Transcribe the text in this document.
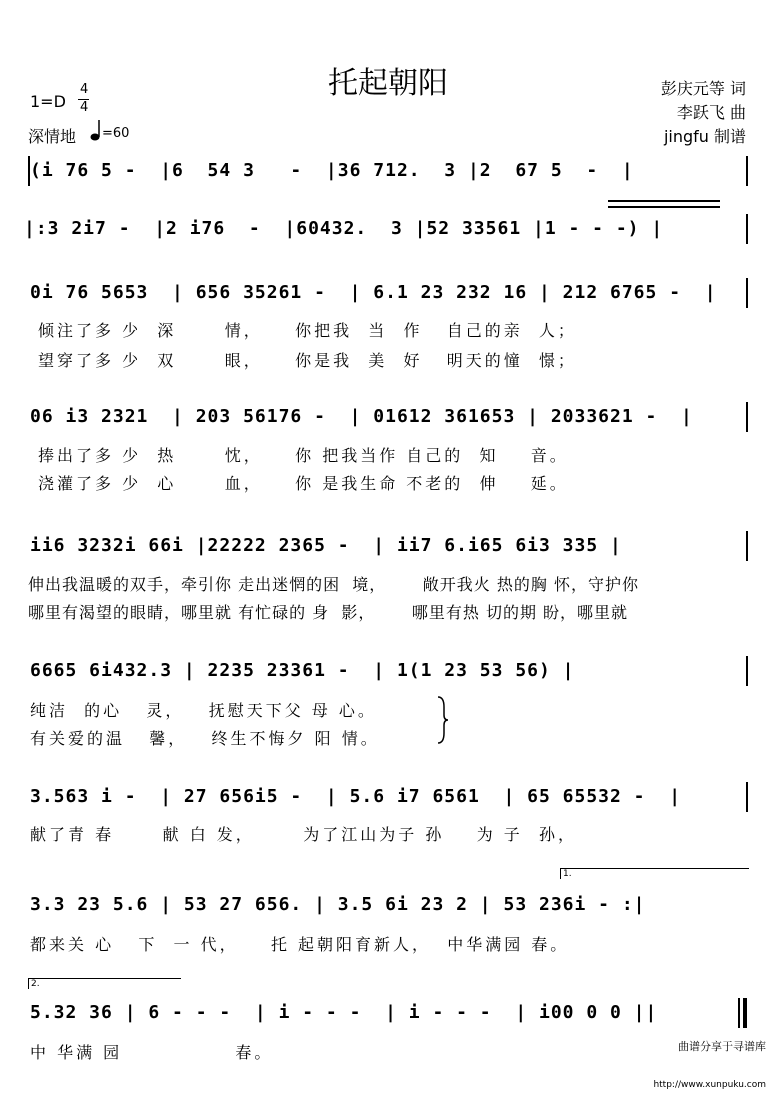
托起朝阳
1=D
4
4
深情地 =60
彭庆元等 词
李跃飞 曲
jingfu 制谱
(i 76 5 -  |6  54 3   -  |36 712.  3 |2  67 5  -  |
|:3 2i7 -  |2 i76  -  |60432.  3 |52 33561 |1 - - -) |
0i 76 5653  | 656 35261 -  | 6.1 23 232 16 | 212 6765 -  |
倾注了多 少  深      情，    你把我  当  作   自己的亲  人；
望穿了多 少  双      眼，    你是我  美  好   明天的憧  憬；
06 i3 2321  | 203 56176 -  | 01612 361653 | 2033621 -  |
捧出了多 少  热      忱，    你 把我当作 自己的  知    音。
浇灌了多 少  心      血，    你 是我生命 不老的  伸    延。
ii6 3232i 66i |22222 2365 -  | ii7 6.i65 6i3 335 |
伸出我温暖的双手，牵引你 走出迷惘的困  境，      敞开我火 热的胸 怀，守护你
哪里有渴望的眼睛，哪里就 有忙碌的 身  影，      哪里有热 切的期 盼，哪里就
6665 6i432.3 | 2235 23361 -  | 1(1 23 53 56) |
纯洁  的心   灵，   抚慰天下父 母 心。
有关爱的温   馨，   终生不悔夕 阳 情。
3.563 i -  | 27 656i5 -  | 5.6 i7 6561  | 65 65532 -  |
献了青 春      献 白 发，      为了江山为子 孙    为 子  孙，
1.
3.3 23 5.6 | 53 27 656. | 3.5 6i 23 2 | 53 236i - :|
都来关 心   下  一 代，    托 起朝阳育新人，  中华满园 春。
2.
5.32 36 | 6 - - -  | i - - -  | i - - -  | i00 0 0 ||
中 华满 园              春。

	曲谱分享于寻谱库

http://www.xunpuku.com
